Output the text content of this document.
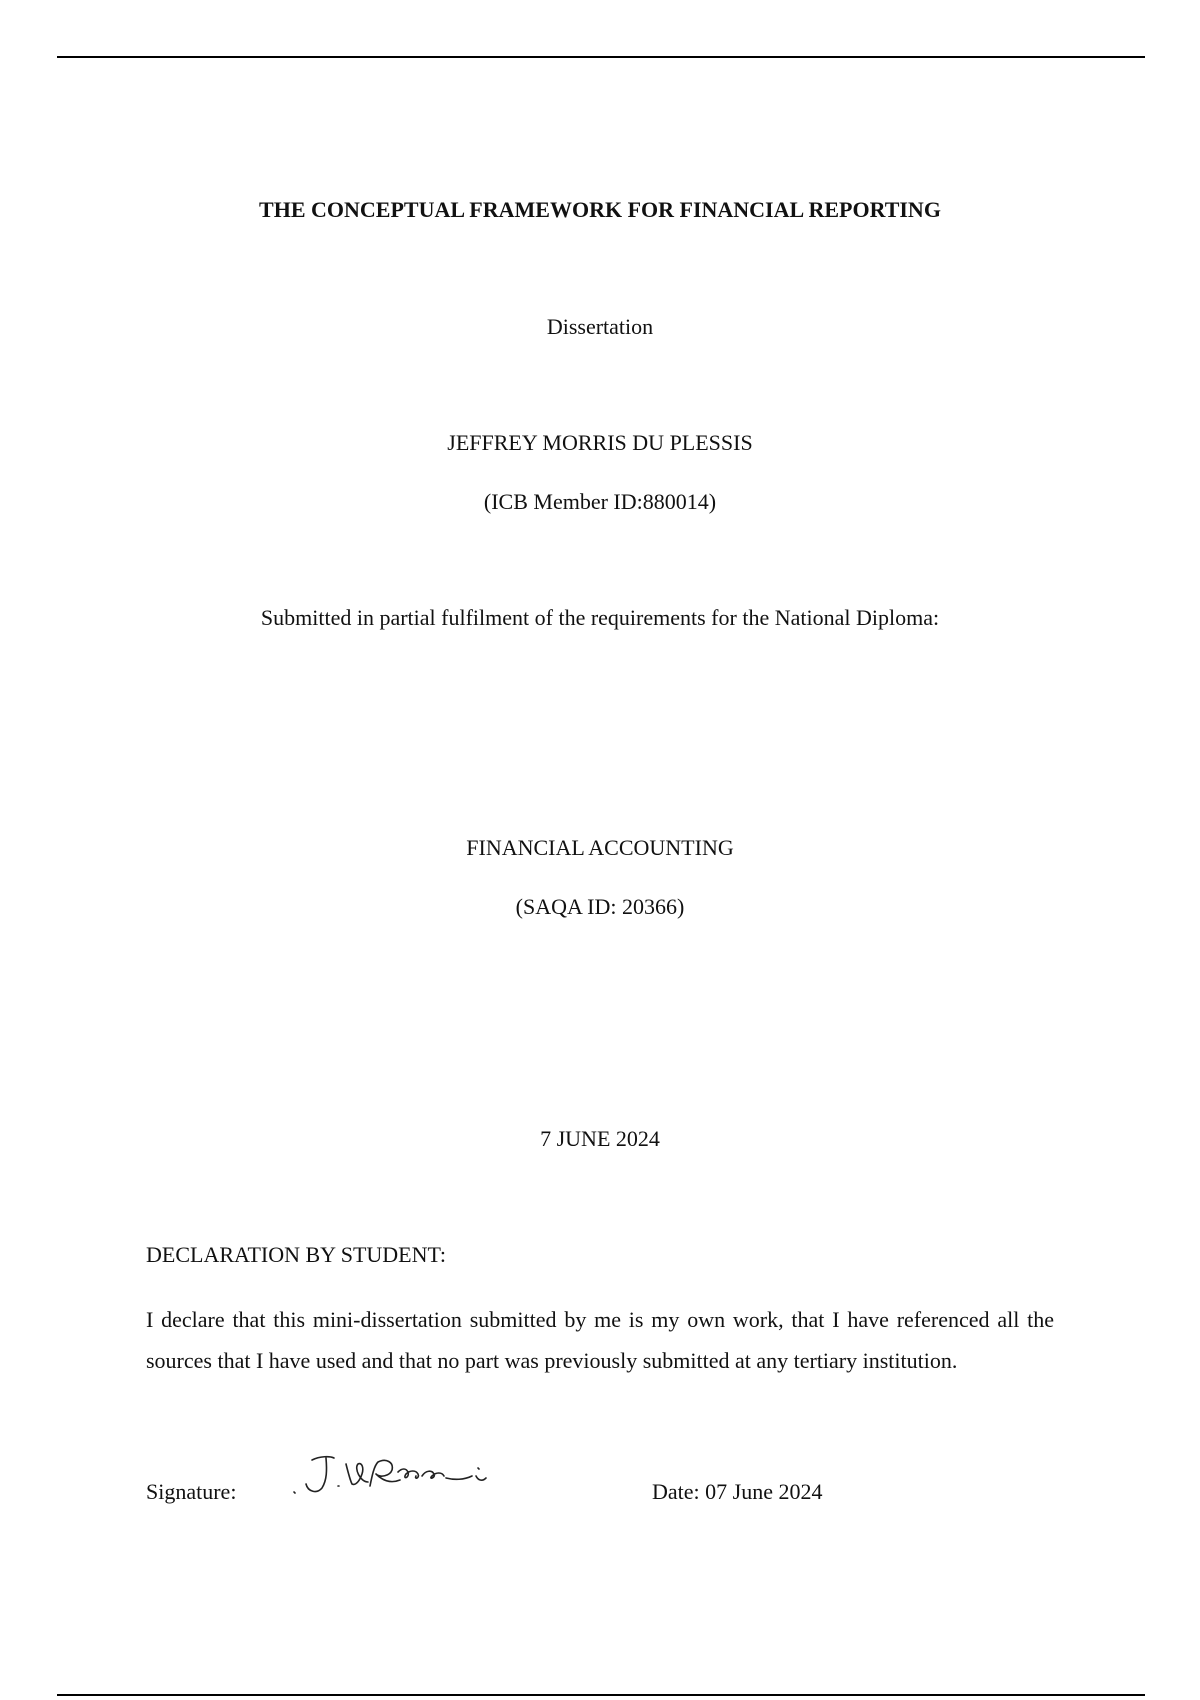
THE CONCEPTUAL FRAMEWORK FOR FINANCIAL REPORTING
Dissertation
JEFFREY MORRIS DU PLESSIS
(ICB Member ID:880014)
Submitted in partial fulfilment of the requirements for the National Diploma:
FINANCIAL ACCOUNTING
(SAQA ID: 20366)
7 JUNE 2024
DECLARATION BY STUDENT:
I declare that this mini-dissertation submitted by me is my own work, that I have referenced all the sources that I have used and that no part was previously submitted at any tertiary institution.
Signature:	Date: 07 June 2024
